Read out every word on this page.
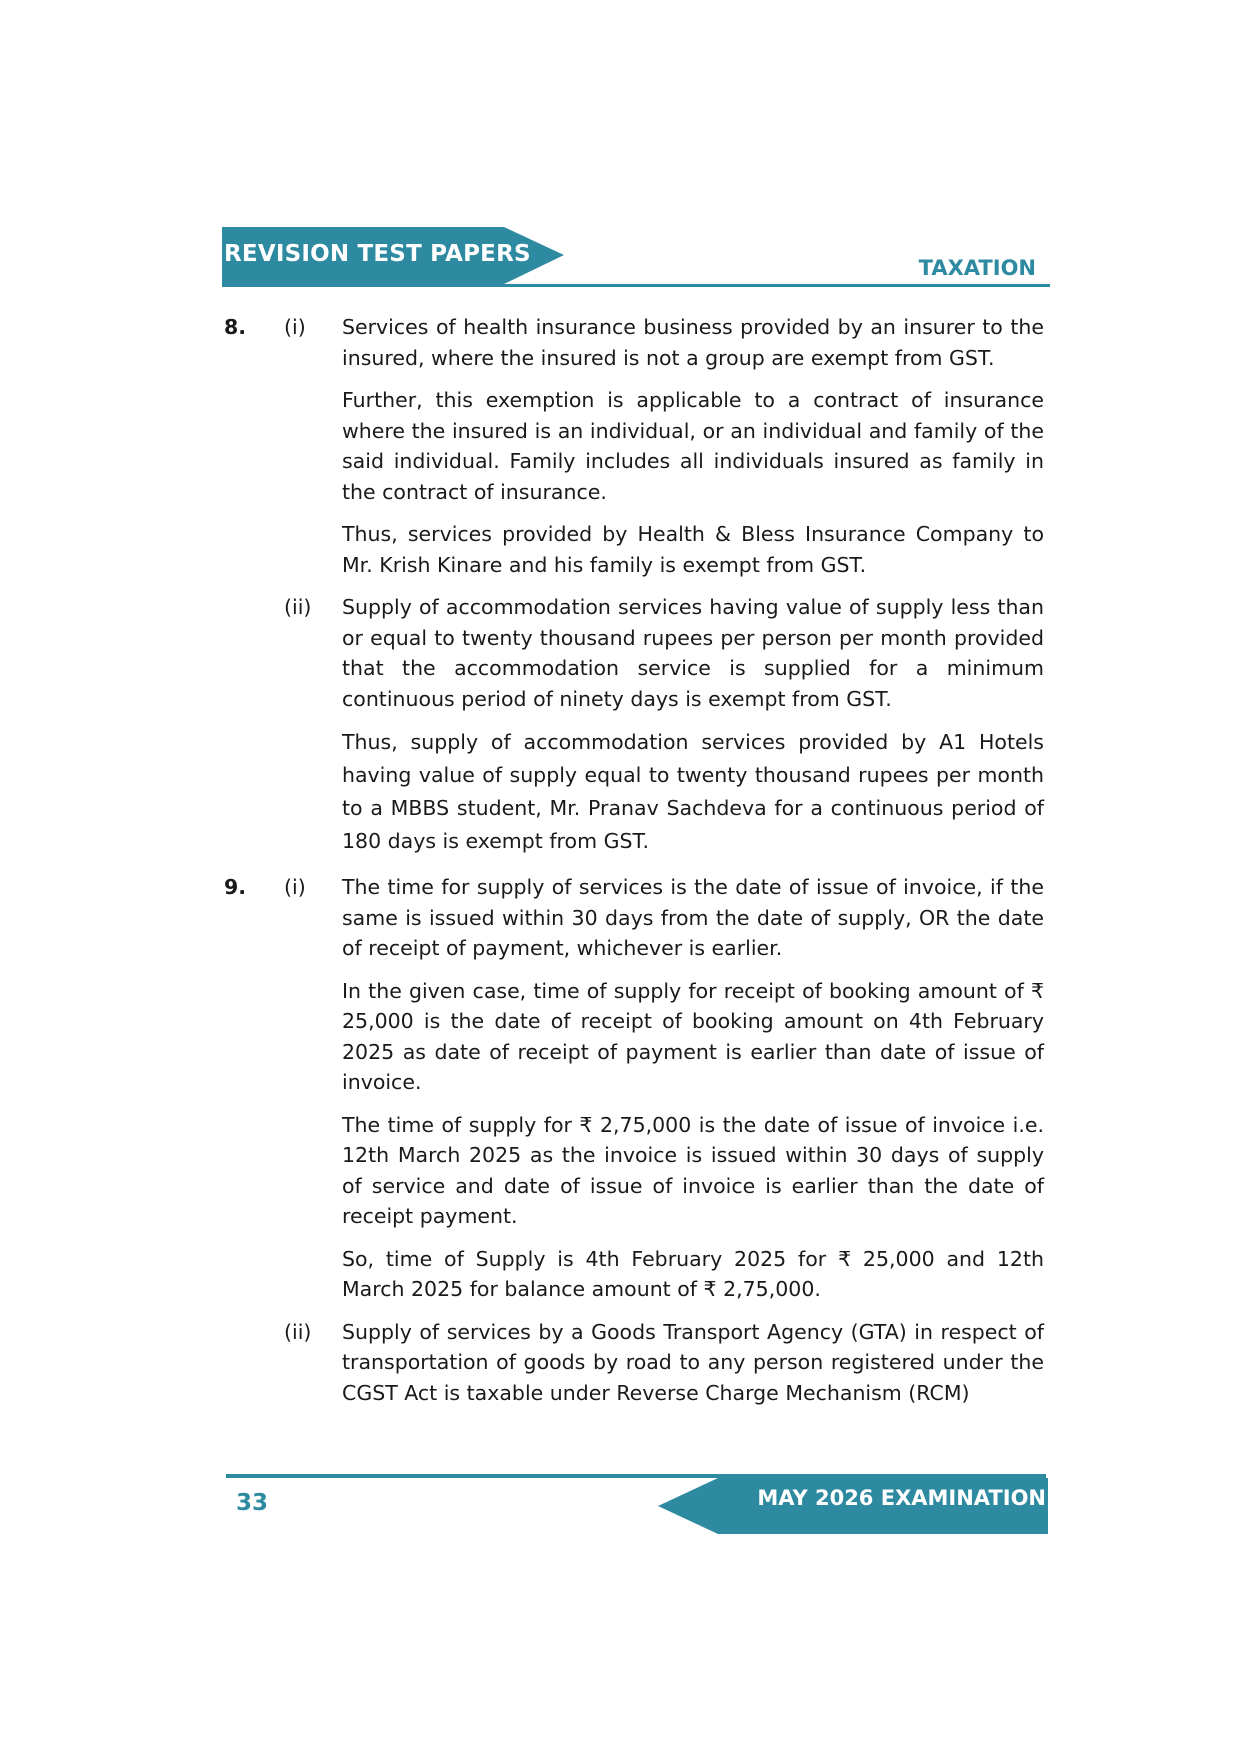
REVISION TEST PAPERS
TAXATION
8. (i) Services of health insurance business provided by an insurer to the insured, where the insured is not a group are exempt from GST.

Further, this exemption is applicable to a contract of insurance where the insured is an individual, or an individual and family of the said individual. Family includes all individuals insured as family in the contract of insurance.

Thus, services provided by Health & Bless Insurance Company to Mr. Krish Kinare and his family is exempt from GST.

(ii) Supply of accommodation services having value of supply less than or equal to twenty thousand rupees per person per month provided that the accommodation service is supplied for a minimum continuous period of ninety days is exempt from GST.

Thus, supply of accommodation services provided by A1 Hotels having value of supply equal to twenty thousand rupees per month to a MBBS student, Mr. Pranav Sachdeva for a continuous period of 180 days is exempt from GST.

9. (i) The time for supply of services is the date of issue of invoice, if the same is issued within 30 days from the date of supply, OR the date of receipt of payment, whichever is earlier.

In the given case, time of supply for receipt of booking amount of ₹ 25,000 is the date of receipt of booking amount on 4th February 2025 as date of receipt of payment is earlier than date of issue of invoice.

The time of supply for ₹ 2,75,000 is the date of issue of invoice i.e. 12th March 2025 as the invoice is issued within 30 days of supply of service and date of issue of invoice is earlier than the date of receipt payment.

So, time of Supply is 4th February 2025 for ₹ 25,000 and 12th March 2025 for balance amount of ₹ 2,75,000.

(ii) Supply of services by a Goods Transport Agency (GTA) in respect of transportation of goods by road to any person registered under the CGST Act is taxable under Reverse Charge Mechanism (RCM)

33	MAY 2026 EXAMINATION
